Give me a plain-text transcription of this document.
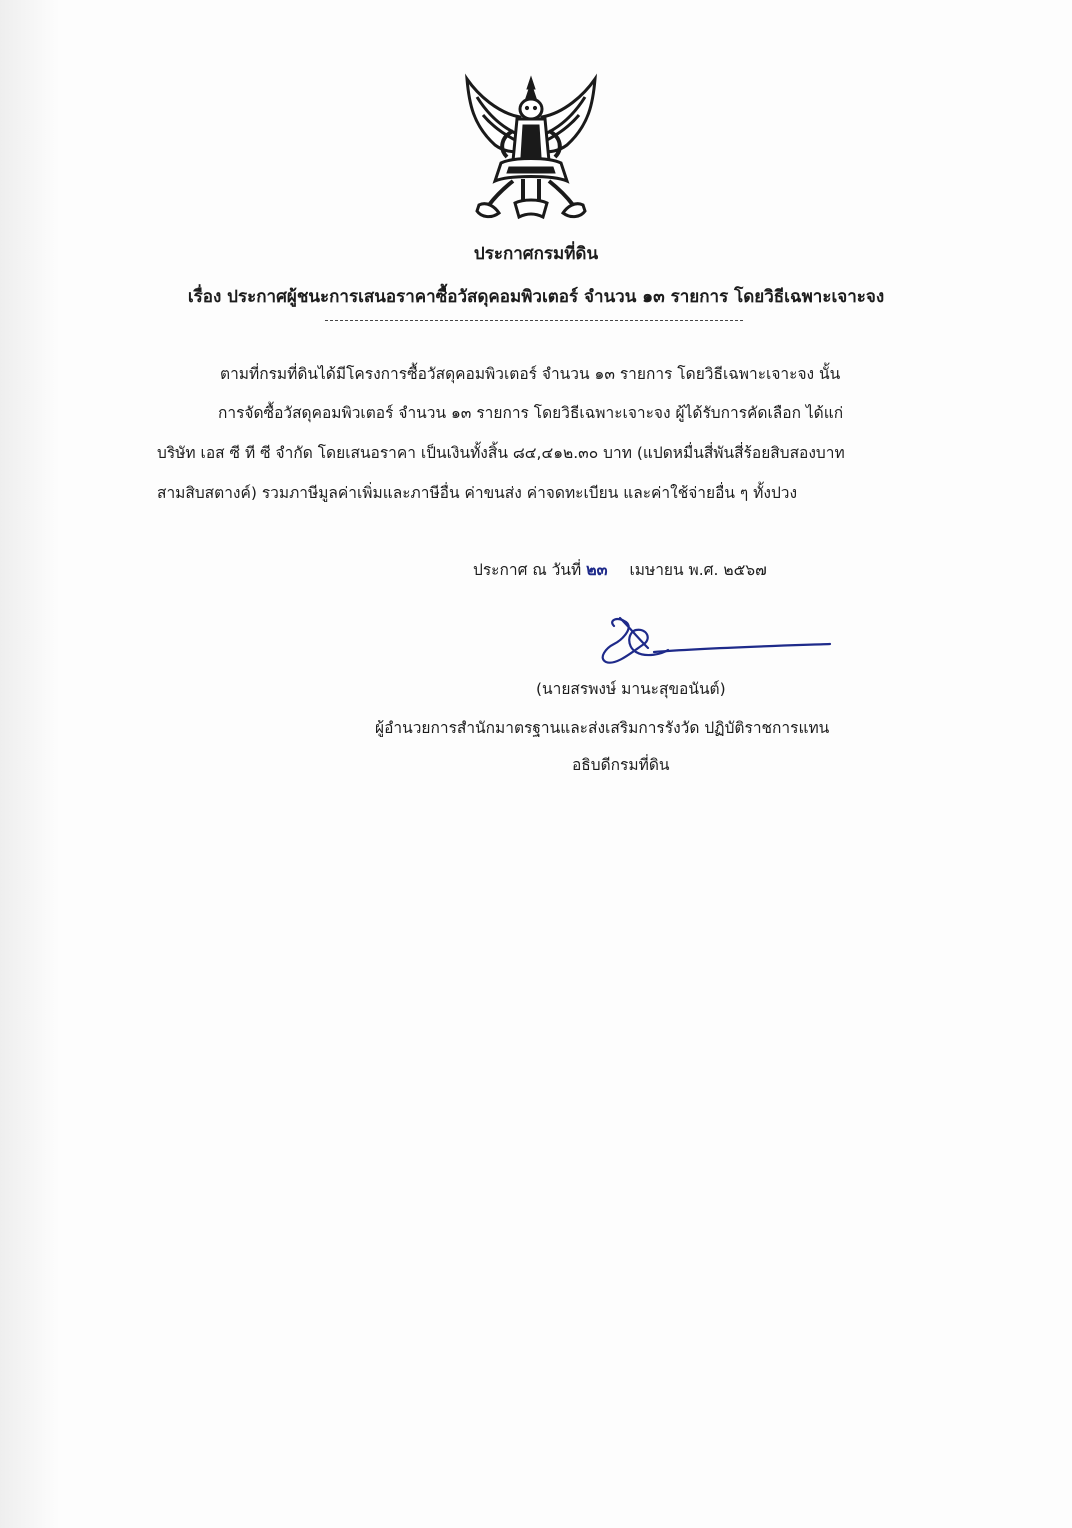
ประกาศกรมที่ดิน
เรื่อง ประกาศผู้ชนะการเสนอราคาซื้อวัสดุคอมพิวเตอร์ จำนวน ๑๓ รายการ โดยวิธีเฉพาะเจาะจง
ตามที่กรมที่ดินได้มีโครงการซื้อวัสดุคอมพิวเตอร์ จำนวน ๑๓ รายการ โดยวิธีเฉพาะเจาะจง นั้น
การจัดซื้อวัสดุคอมพิวเตอร์ จำนวน ๑๓ รายการ โดยวิธีเฉพาะเจาะจง ผู้ได้รับการคัดเลือก ได้แก่
บริษัท เอส ซี ที ซี จำกัด โดยเสนอราคา เป็นเงินทั้งสิ้น ๘๔,๔๑๒.๓๐ บาท (แปดหมื่นสี่พันสี่ร้อยสิบสองบาท
สามสิบสตางค์) รวมภาษีมูลค่าเพิ่มและภาษีอื่น ค่าขนส่ง ค่าจดทะเบียน และค่าใช้จ่ายอื่น ๆ ทั้งปวง
ประกาศ ณ วันที่ ๒๓ เมษายน พ.ศ. ๒๕๖๗
(นายสรพงษ์ มานะสุขอนันต์)
ผู้อำนวยการสำนักมาตรฐานและส่งเสริมการรังวัด ปฏิบัติราชการแทน
อธิบดีกรมที่ดิน
